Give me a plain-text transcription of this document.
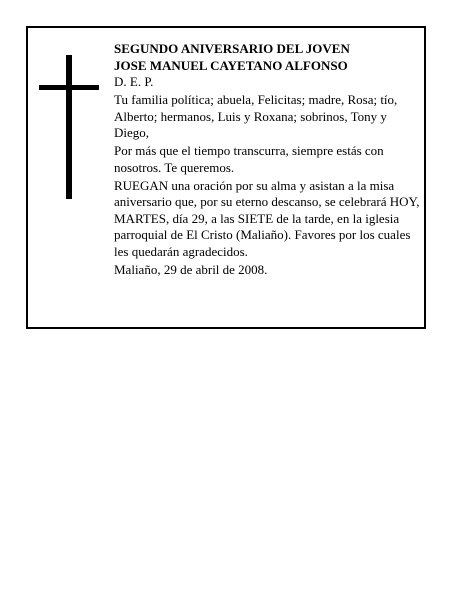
SEGUNDO ANIVERSARIO DEL JOVEN
JOSE MANUEL CAYETANO ALFONSO

D. E. P.

Tu familia política; abuela, Felicitas; madre, Rosa; tío, Alberto; hermanos, Luis y Roxana; sobrinos, Tony y Diego,

Por más que el tiempo transcurra, siempre estás con nosotros. Te queremos.

RUEGAN una oración por su alma y asistan a la misa aniversario que, por su eterno descanso, se celebrará HOY, MARTES, día 29, a las SIETE de la tarde, en la iglesia parroquial de El Cristo (Maliaño). Favores por los cuales les quedarán agradecidos.

Maliaño, 29 de abril de 2008.
